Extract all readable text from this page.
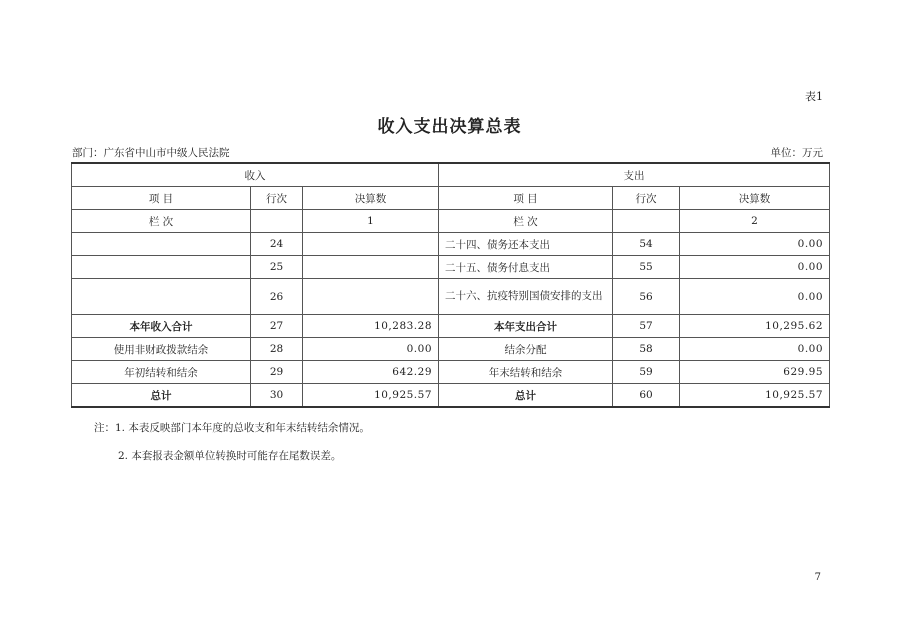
表1
收入支出决算总表
部门：广东省中山市中级人民法院	单位：万元
收入			支出		
项 目	行次	决算数	项 目	行次	决算数
栏 次		1	栏 次		2
	24		二十四、债务还本支出	54	0.00
	25		二十五、债务付息支出	55	0.00
	26		二十六、抗疫特别国债安排的支出	56	0.00
本年收入合计	27	10,283.28	本年支出合计	57	10,295.62
使用非财政拨款结余	28	0.00	结余分配	58	0.00
年初结转和结余	29	642.29	年末结转和结余	59	629.95
总计	30	10,925.57	总计	60	10,925.57
注：1. 本表反映部门本年度的总收支和年末结转结余情况。
2. 本套报表金额单位转换时可能存在尾数误差。
7
